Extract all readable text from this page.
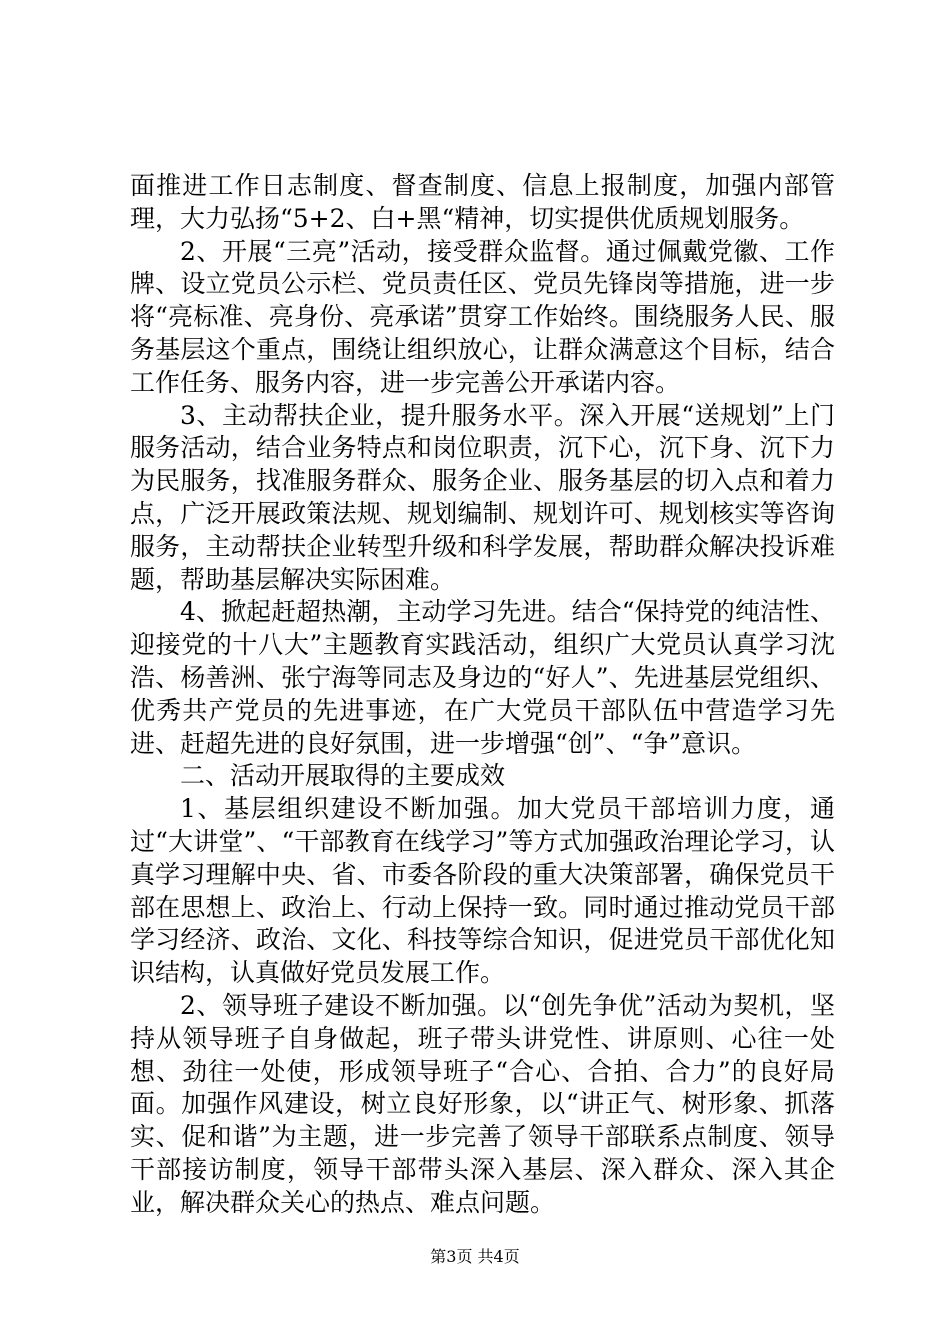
面推进工作日志制度、督查制度、信息上报制度，加强内部管理，大力弘扬“5+2、白+黑“精神，切实提供优质规划服务。

2、开展“三亮”活动，接受群众监督。通过佩戴党徽、工作牌、设立党员公示栏、党员责任区、党员先锋岗等措施，进一步将“亮标准、亮身份、亮承诺”贯穿工作始终。围绕服务人民、服务基层这个重点，围绕让组织放心，让群众满意这个目标，结合工作任务、服务内容，进一步完善公开承诺内容。

3、主动帮扶企业，提升服务水平。深入开展“送规划”上门服务活动，结合业务特点和岗位职责，沉下心，沉下身、沉下力为民服务，找准服务群众、服务企业、服务基层的切入点和着力点，广泛开展政策法规、规划编制、规划许可、规划核实等咨询服务，主动帮扶企业转型升级和科学发展，帮助群众解决投诉难题，帮助基层解决实际困难。

4、掀起赶超热潮，主动学习先进。结合“保持党的纯洁性、迎接党的十八大”主题教育实践活动，组织广大党员认真学习沈浩、杨善洲、张宁海等同志及身边的“好人”、先进基层党组织、优秀共产党员的先进事迹，在广大党员干部队伍中营造学习先进、赶超先进的良好氛围，进一步增强“创”、“争”意识。

二、活动开展取得的主要成效

1、基层组织建设不断加强。加大党员干部培训力度，通过“大讲堂”、“干部教育在线学习”等方式加强政治理论学习，认真学习理解中央、省、市委各阶段的重大决策部署，确保党员干部在思想上、政治上、行动上保持一致。同时通过推动党员干部学习经济、政治、文化、科技等综合知识，促进党员干部优化知识结构，认真做好党员发展工作。

2、领导班子建设不断加强。以“创先争优”活动为契机，坚持从领导班子自身做起，班子带头讲党性、讲原则、心往一处想、劲往一处使，形成领导班子“合心、合拍、合力”的良好局面。加强作风建设，树立良好形象，以“讲正气、树形象、抓落实、促和谐”为主题，进一步完善了领导干部联系点制度、领导干部接访制度，领导干部带头深入基层、深入群众、深入其企业，解决群众关心的热点、难点问题。

第3页 共4页
